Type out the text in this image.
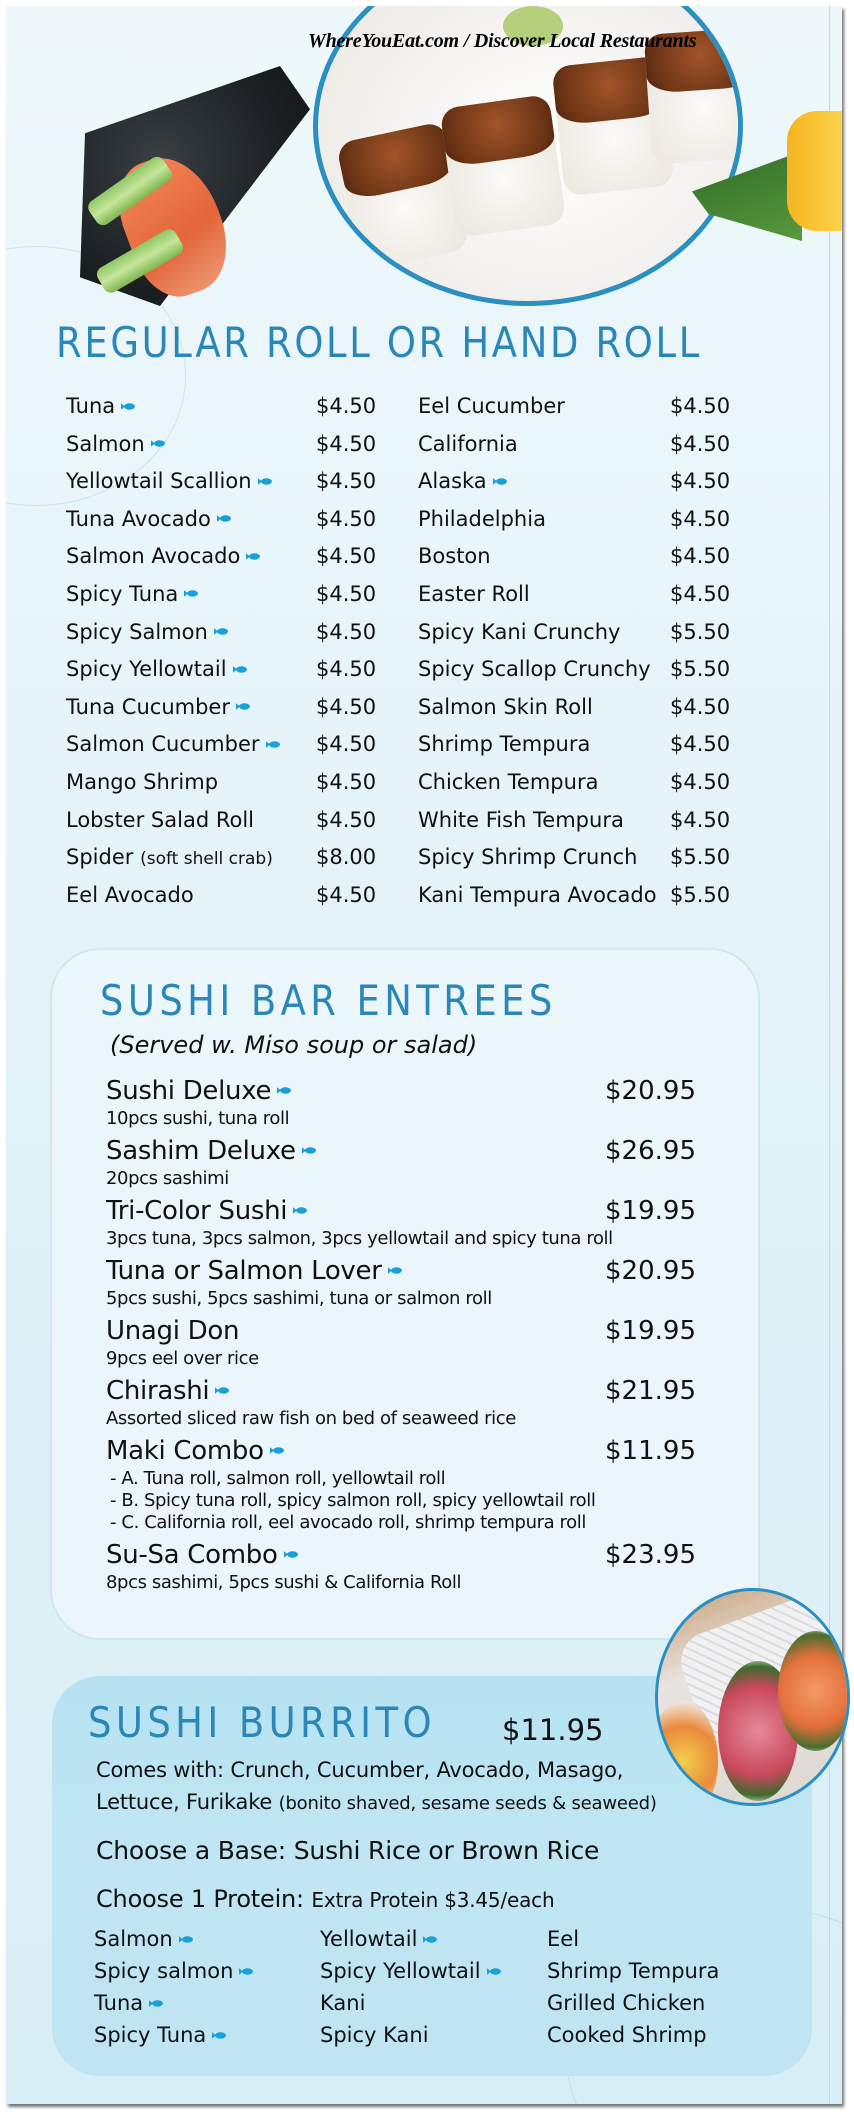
WhereYouEat.com / Discover Local Restaurants
REGULAR ROLL OR HAND ROLL
Tuna	$4.50
Salmon	$4.50
Yellowtail Scallion	$4.50
Tuna Avocado	$4.50
Salmon Avocado	$4.50
Spicy Tuna	$4.50
Spicy Salmon	$4.50
Spicy Yellowtail	$4.50
Tuna Cucumber	$4.50
Salmon Cucumber	$4.50
Mango Shrimp	$4.50
Lobster Salad Roll	$4.50
Spider (soft shell crab) $8.00
Eel Avocado	$4.50
Eel Cucumber	$4.50
California	$4.50
Alaska	$4.50
Philadelphia	$4.50
Boston	$4.50
Easter Roll	$4.50
Spicy Kani Crunchy $5.50
Spicy Scallop Crunchy $5.50
Salmon Skin Roll	$4.50
Shrimp Tempura	$4.50
Chicken Tempura	$4.50
White Fish Tempura $4.50
Spicy Shrimp Crunch $5.50
Kani Tempura Avocado $5.50
SUSHI BAR ENTREES
(Served w. Miso soup or salad)
Sushi Deluxe	$20.95
10pcs sushi, tuna roll
Sashim Deluxe	$26.95
20pcs sashimi
Tri-Color Sushi	$19.95
3pcs tuna, 3pcs salmon, 3pcs yellowtail and spicy tuna roll
Tuna or Salmon Lover	$20.95
5pcs sushi, 5pcs sashimi, tuna or salmon roll
Unagi Don	$19.95
9pcs eel over rice
Chirashi	$21.95
Assorted sliced raw fish on bed of seaweed rice
Maki Combo	$11.95
- A. Tuna roll, salmon roll, yellowtail roll
- B. Spicy tuna roll, spicy salmon roll, spicy yellowtail roll
- C. California roll, eel avocado roll, shrimp tempura roll
Su-Sa Combo	$23.95
8pcs sashimi, 5pcs sushi & California Roll
SUSHI BURRITO $11.95
Comes with: Crunch, Cucumber, Avocado, Masago,
Lettuce, Furikake (bonito shaved, sesame seeds & seaweed)
Choose a Base: Sushi Rice or Brown Rice
Choose 1 Protein: Extra Protein $3.45/each
Salmon
Spicy salmon
Tuna
Spicy Tuna
Yellowtail
Spicy Yellowtail
Kani
Spicy Kani
Eel
Shrimp Tempura
Grilled Chicken
Cooked Shrimp
